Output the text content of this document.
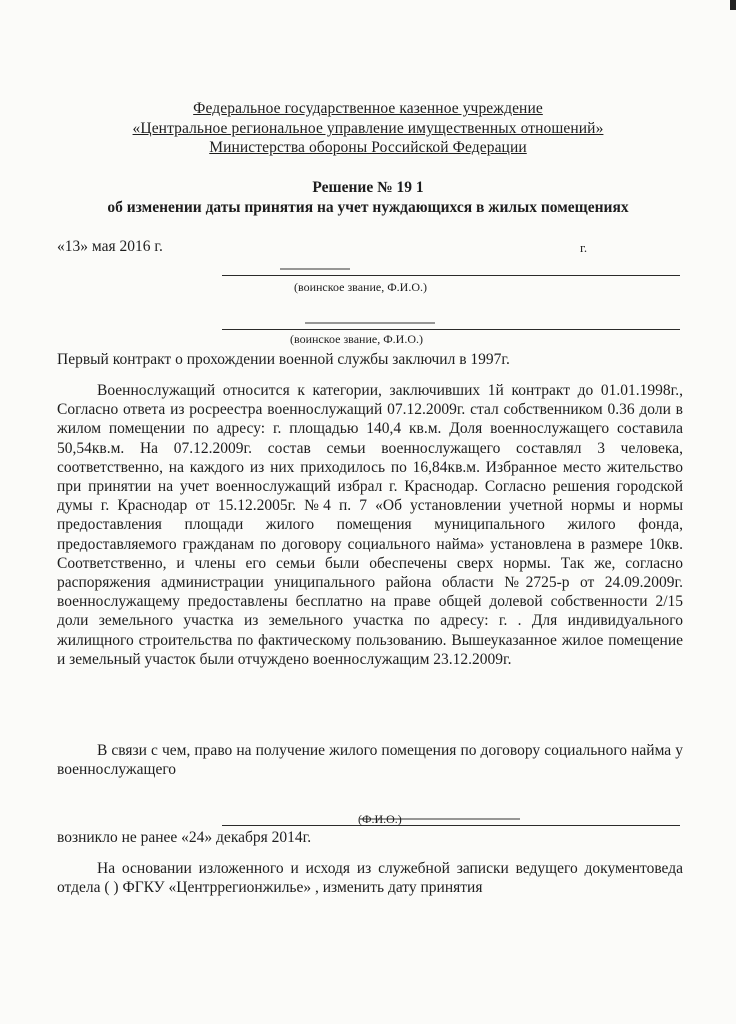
Федеральное государственное казенное учреждение
«Центральное региональное управление имущественных отношений»
Министерства обороны Российской Федерации
Решение № 19 1
об изменении даты принятия на учет нуждающихся в жилых помещениях
«13» мая 2016 г.	г.
(воинское звание, Ф.И.О.)
(воинское звание, Ф.И.О.)
Первый контракт о прохождении военной службы заключил в 1997г.
Военнослужащий относится к категории, заключивших 1й контракт до 01.01.1998г., Согласно ответа из росреестра военнослужащий 07.12.2009г. стал собственником 0.36 доли в жилом помещении по адресу: г. площадью 140,4 кв.м. Доля военнослужащего составила 50,54кв.м. На 07.12.2009г. состав семьи военнослужащего составлял 3 человека, соответственно, на каждого из них приходилось по 16,84кв.м. Избранное место жительство при принятии на учет военнослужащий избрал г. Краснодар. Согласно решения городской думы г. Краснодар от 15.12.2005г. №4 п. 7 «Об установлении учетной нормы и нормы предоставления площади жилого помещения муниципального жилого фонда, предоставляемого гражданам по договору социального найма» установлена в размере 10кв. Соответственно, и члены его семьи были обеспечены сверх нормы. Так же, согласно распоряжения администрации униципального района области №2725-р от 24.09.2009г. военнослужащему предоставлены бесплатно на праве общей долевой собственности 2/15 доли земельного участка из земельного участка по адресу: г. . Для индивидуального жилищного строительства по фактическому пользованию. Вышеуказанное жилое помещение и земельный участок были отчуждено военнослужащим 23.12.2009г.
В связи с чем, право на получение жилого помещения по договору социального найма у военнослужащего
(Ф.И.О.)
возникло не ранее «24» декабря 2014г.
На основании изложенного и исходя из служебной записки ведущего документоведа отдела ( ) ФГКУ «Центррегионжилье» , изменить дату принятия
